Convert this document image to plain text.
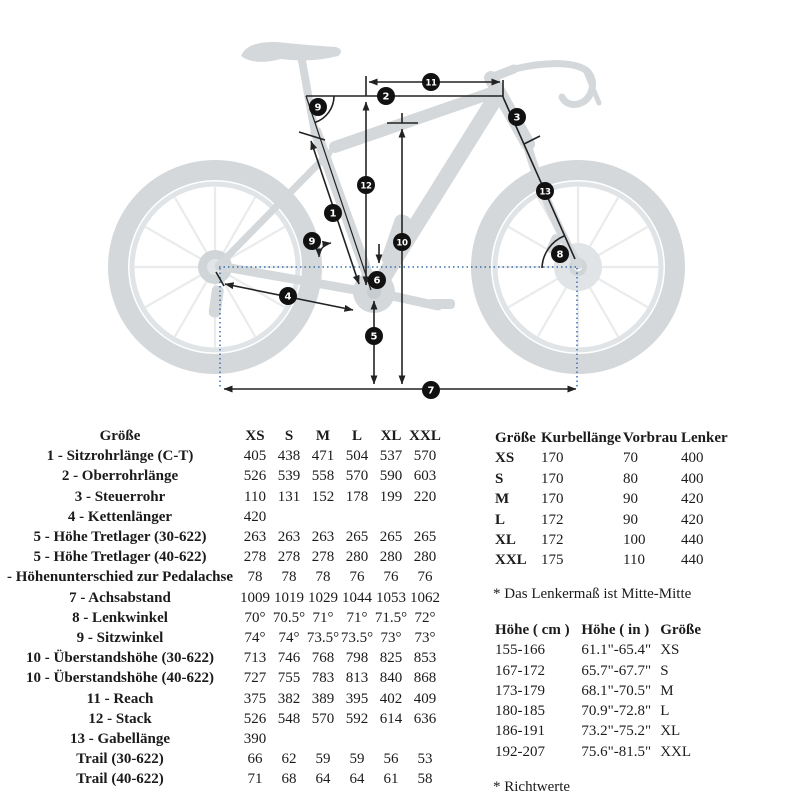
9
2
11
3
13
12
1
9	10
6
4
8
5
7
Größe	XS	S	M	L	XL	XXL
1 - Sitzrohrlänge (C-T)	405	438	471	504	537	570
2 - Oberrohrlänge	526	539	558	570	590	603
3 - Steuerrohr	110	131	152	178	199	220
4 - Kettenlänger	420					
5 - Höhe Tretlager (30-622)	263	263	263	265	265	265
5 - Höhe Tretlager (40-622)	278	278	278	280	280	280
- Höhenunterschied zur Pedalachse	78	78	78	76	76	76
7 - Achsabstand	1009	1019	1029	1044	1053	1062
8 - Lenkwinkel	70°	70.5°	71°	71°	71.5°	72°
9 - Sitzwinkel	74°	74°	73.5°	73.5°	73°	73°
10 - Überstandshöhe (30-622)	713	746	768	798	825	853
10 - Überstandshöhe (40-622)	727	755	783	813	840	868
11 - Reach	375	382	389	395	402	409
12 - Stack	526	548	570	592	614	636
13 - Gabellänge	390					
Trail (30-622)	66	62	59	59	56	53
Trail (40-622)	71	68	64	64	61	58
Größe	Kurbellänge	Vorbrau	Lenker
XS	170	70	400
S	170	80	400
M	170	90	420
L	172	90	420
XL	172	100	440
XXL	175	110	440
* Das Lenkermaß ist Mitte-Mitte
Höhe ( cm )	Höhe ( in )	Größe
155-166	61.1"-65.4"	XS
167-172	65.7"-67.7"	S
173-179	68.1"-70.5"	M
180-185	70.9"-72.8"	L
186-191	73.2"-75.2"	XL
192-207	75.6"-81.5"	XXL
* Richtwerte
